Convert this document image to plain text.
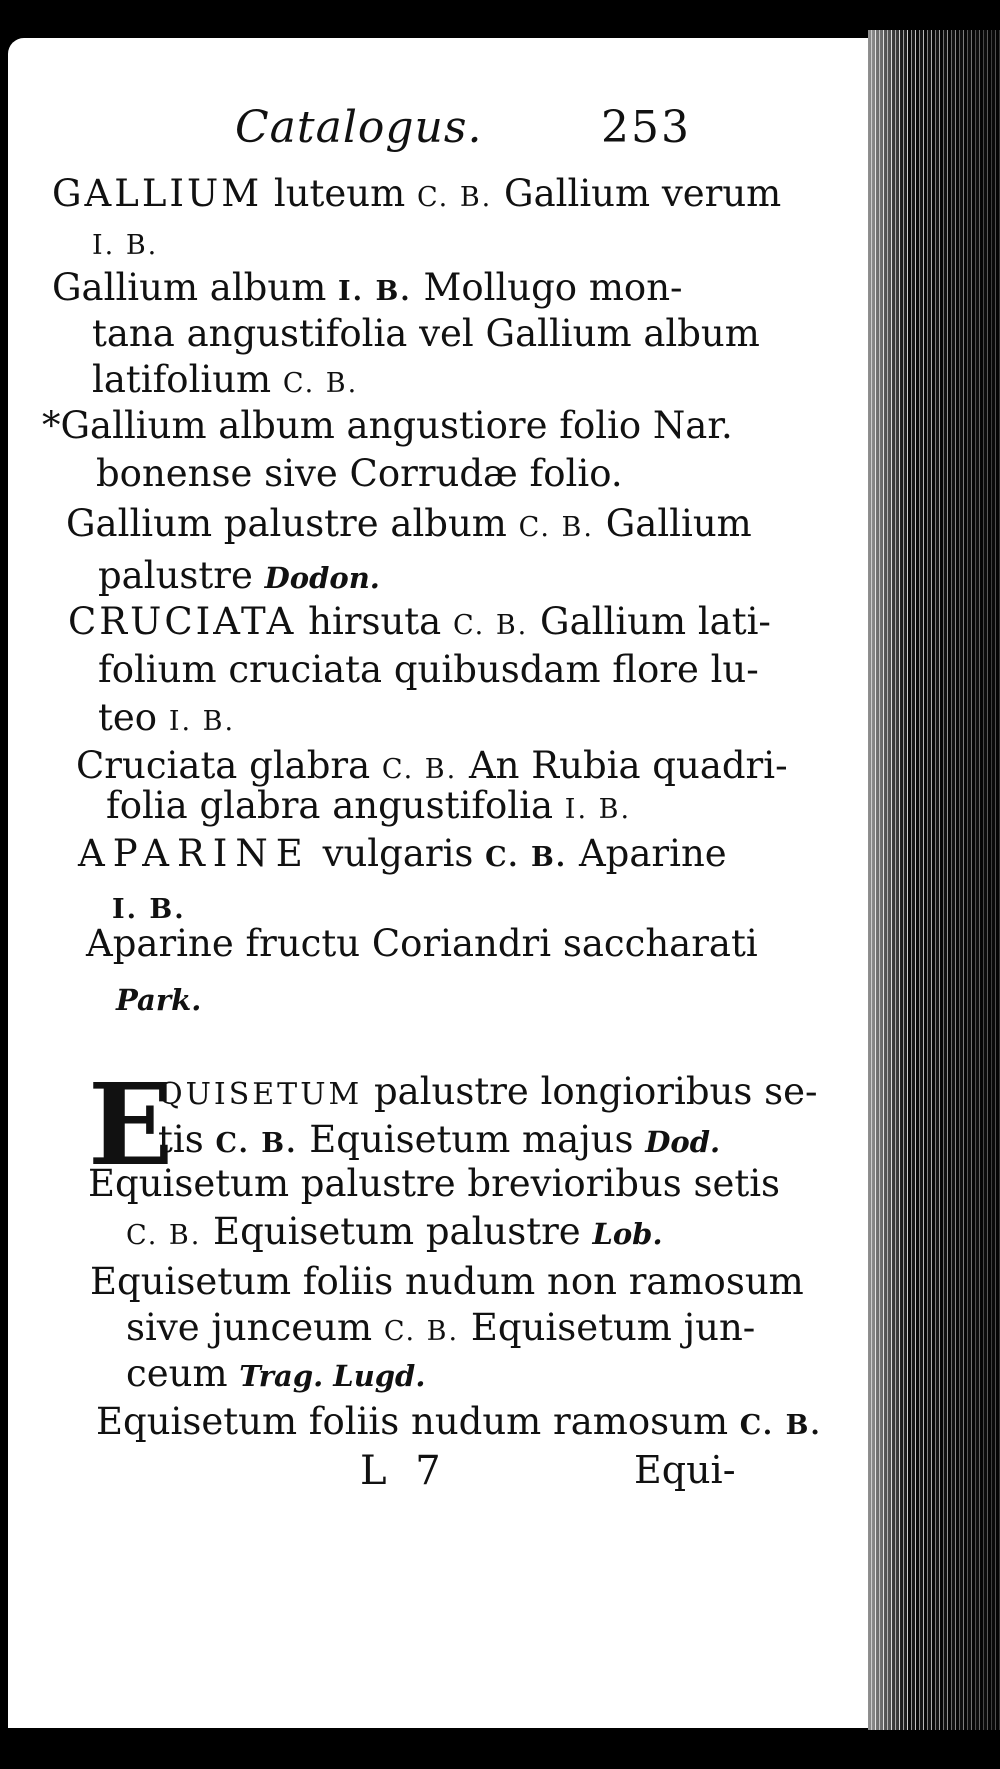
Catalogus.	253
GALLIUM luteum C. B. Gallium verum
I. B.
Gallium album I. B. Mollugo mon-
tana angustifolia vel Gallium album
latifolium C. B.
*Gallium album angustiore folio Nar.
bonense sive Corrudæ folio.
Gallium palustre album C. B. Gallium
palustre Dodon.
CRUCIATA hirsuta C. B. Gallium lati-
folium cruciata quibusdam flore lu-
teo I. B.
Cruciata glabra C. B. An Rubia quadri-
folia glabra angustifolia I. B.
APARINE vulgaris C. B. Aparine
I. B.
Aparine fructu Coriandri saccharati
Park.
E
QUISETUM palustre longioribus se-
tis C. B. Equisetum majus Dod.
Equisetum palustre brevioribus setis
C. B. Equisetum palustre Lob.
Equisetum foliis nudum non ramosum
sive junceum C. B. Equisetum jun-
ceum Trag. Lugd.
Equisetum foliis nudum ramosum C. B.
L 7	Equi-
